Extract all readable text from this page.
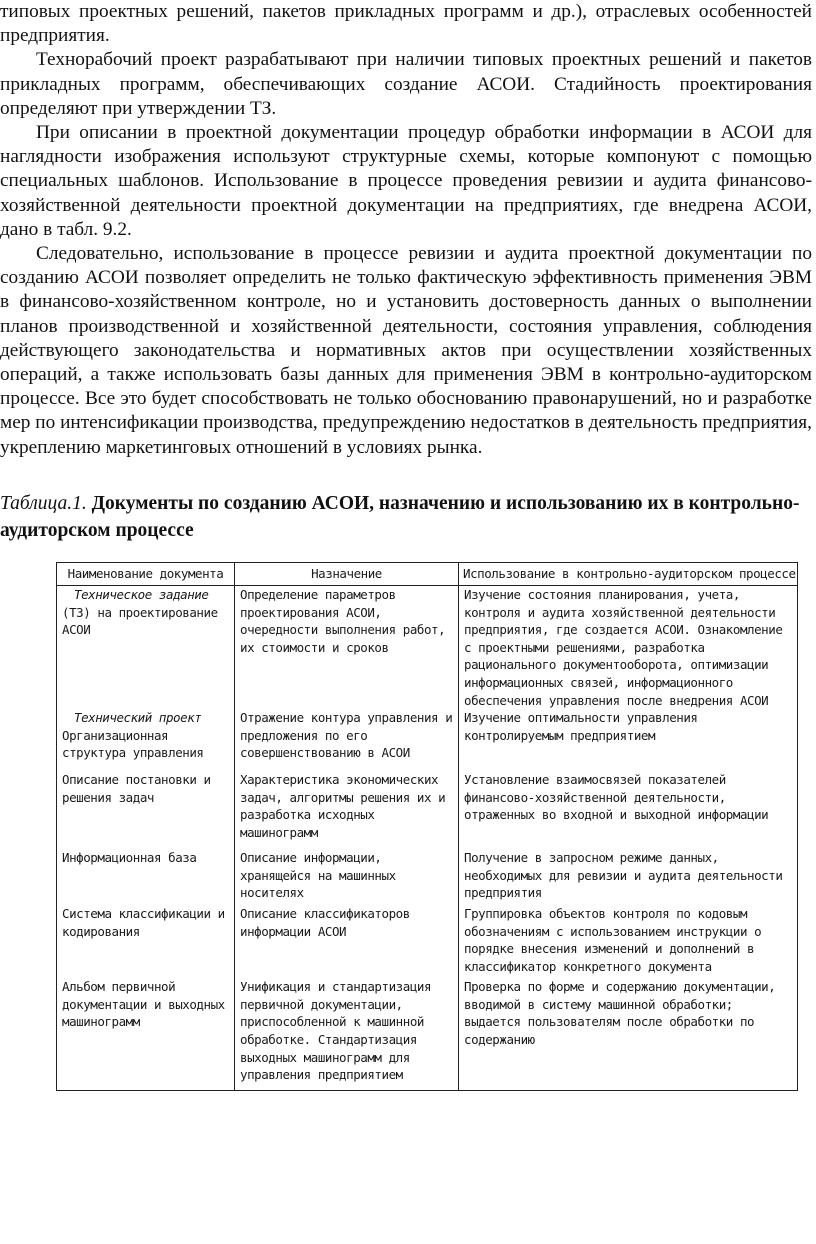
типовых проектных решений, пакетов прикладных программ и др.), отраслевых особенностей предприятия.

Технорабочий проект разрабатывают при наличии типовых проектных решений и пакетов прикладных программ, обеспечивающих создание АСОИ. Стадийность проектирования определяют при утверждении ТЗ.

При описании в проектной документации процедур обработки информации в АСОИ для наглядности изображения используют структурные схемы, которые компонуют с помощью специальных шаблонов. Использование в процессе проведения ревизии и аудита финансово-хозяйственной деятельности проектной документации на предприятиях, где внедрена АСОИ, дано в табл. 9.2.

Следовательно, использование в процессе ревизии и аудита проектной документации по созданию АСОИ позволяет определить не только фактическую эффективность применения ЭВМ в финансово-хозяйственном контроле, но и установить достоверность данных о выполнении планов производственной и хозяйственной деятельности, состояния управления, соблюдения действующего законодательства и нормативных актов при осуществлении хозяйственных операций, а также использовать базы данных для применения ЭВМ в контрольно-аудиторском процессе. Все это будет способствовать не только обоснованию правонарушений, но и разработке мер по интенсификации производства, предупреждению недостатков в деятельность предприятия, укреплению маркетинговых отношений в условиях рынка.

Таблица.1. Документы по созданию АСОИ, назначению и использованию их в контрольно-аудиторском процессе
Наименование документа	Назначение	Использование в контрольно-аудиторском процессе

Техническое задание
(ТЗ) на проектирование АСОИ	Определение параметров проектирования АСОИ, очередности выполнения работ, их стоимости и сроков	Изучение состояния планирования, учета, контроля и аудита хозяйственной деятельности предприятия, где создается АСОИ. Ознакомление с проектными решениями, разработка рационального документооборота, оптимизации информационных связей, информационного обеспечения управления после внедрения АСОИ

Технический проект
Организационная структура управления	Отражение контура управления и предложения по его совершенствованию в АСОИ	Изучение оптимальности управления контролируемым предприятием
Описание постановки и решения задач	Характеристика экономических задач, алгоритмы решения их и разработка исходных машинограмм	Установление взаимосвязей показателей финансово-хозяйственной деятельности, отраженных во входной и выходной информации
Информационная база	Описание информации, хранящейся на машинных носителях	Получение в запросном режиме данных, необходимых для ревизии и аудита деятельности предприятия
Система классификации и кодирования	Описание классификаторов информации АСОИ	Группировка объектов контроля по кодовым обозначениям с использованием инструкции о порядке внесения изменений и дополнений в классификатор конкретного документа
Альбом первичной документации и выходных машинограмм	Унификация и стандартизация первичной документации, приспособленной к машинной обработке. Стандартизация выходных машинограмм для управления предприятием	Проверка по форме и содержанию документации, вводимой в систему машинной обработки; выдается пользователям после обработки по содержанию
